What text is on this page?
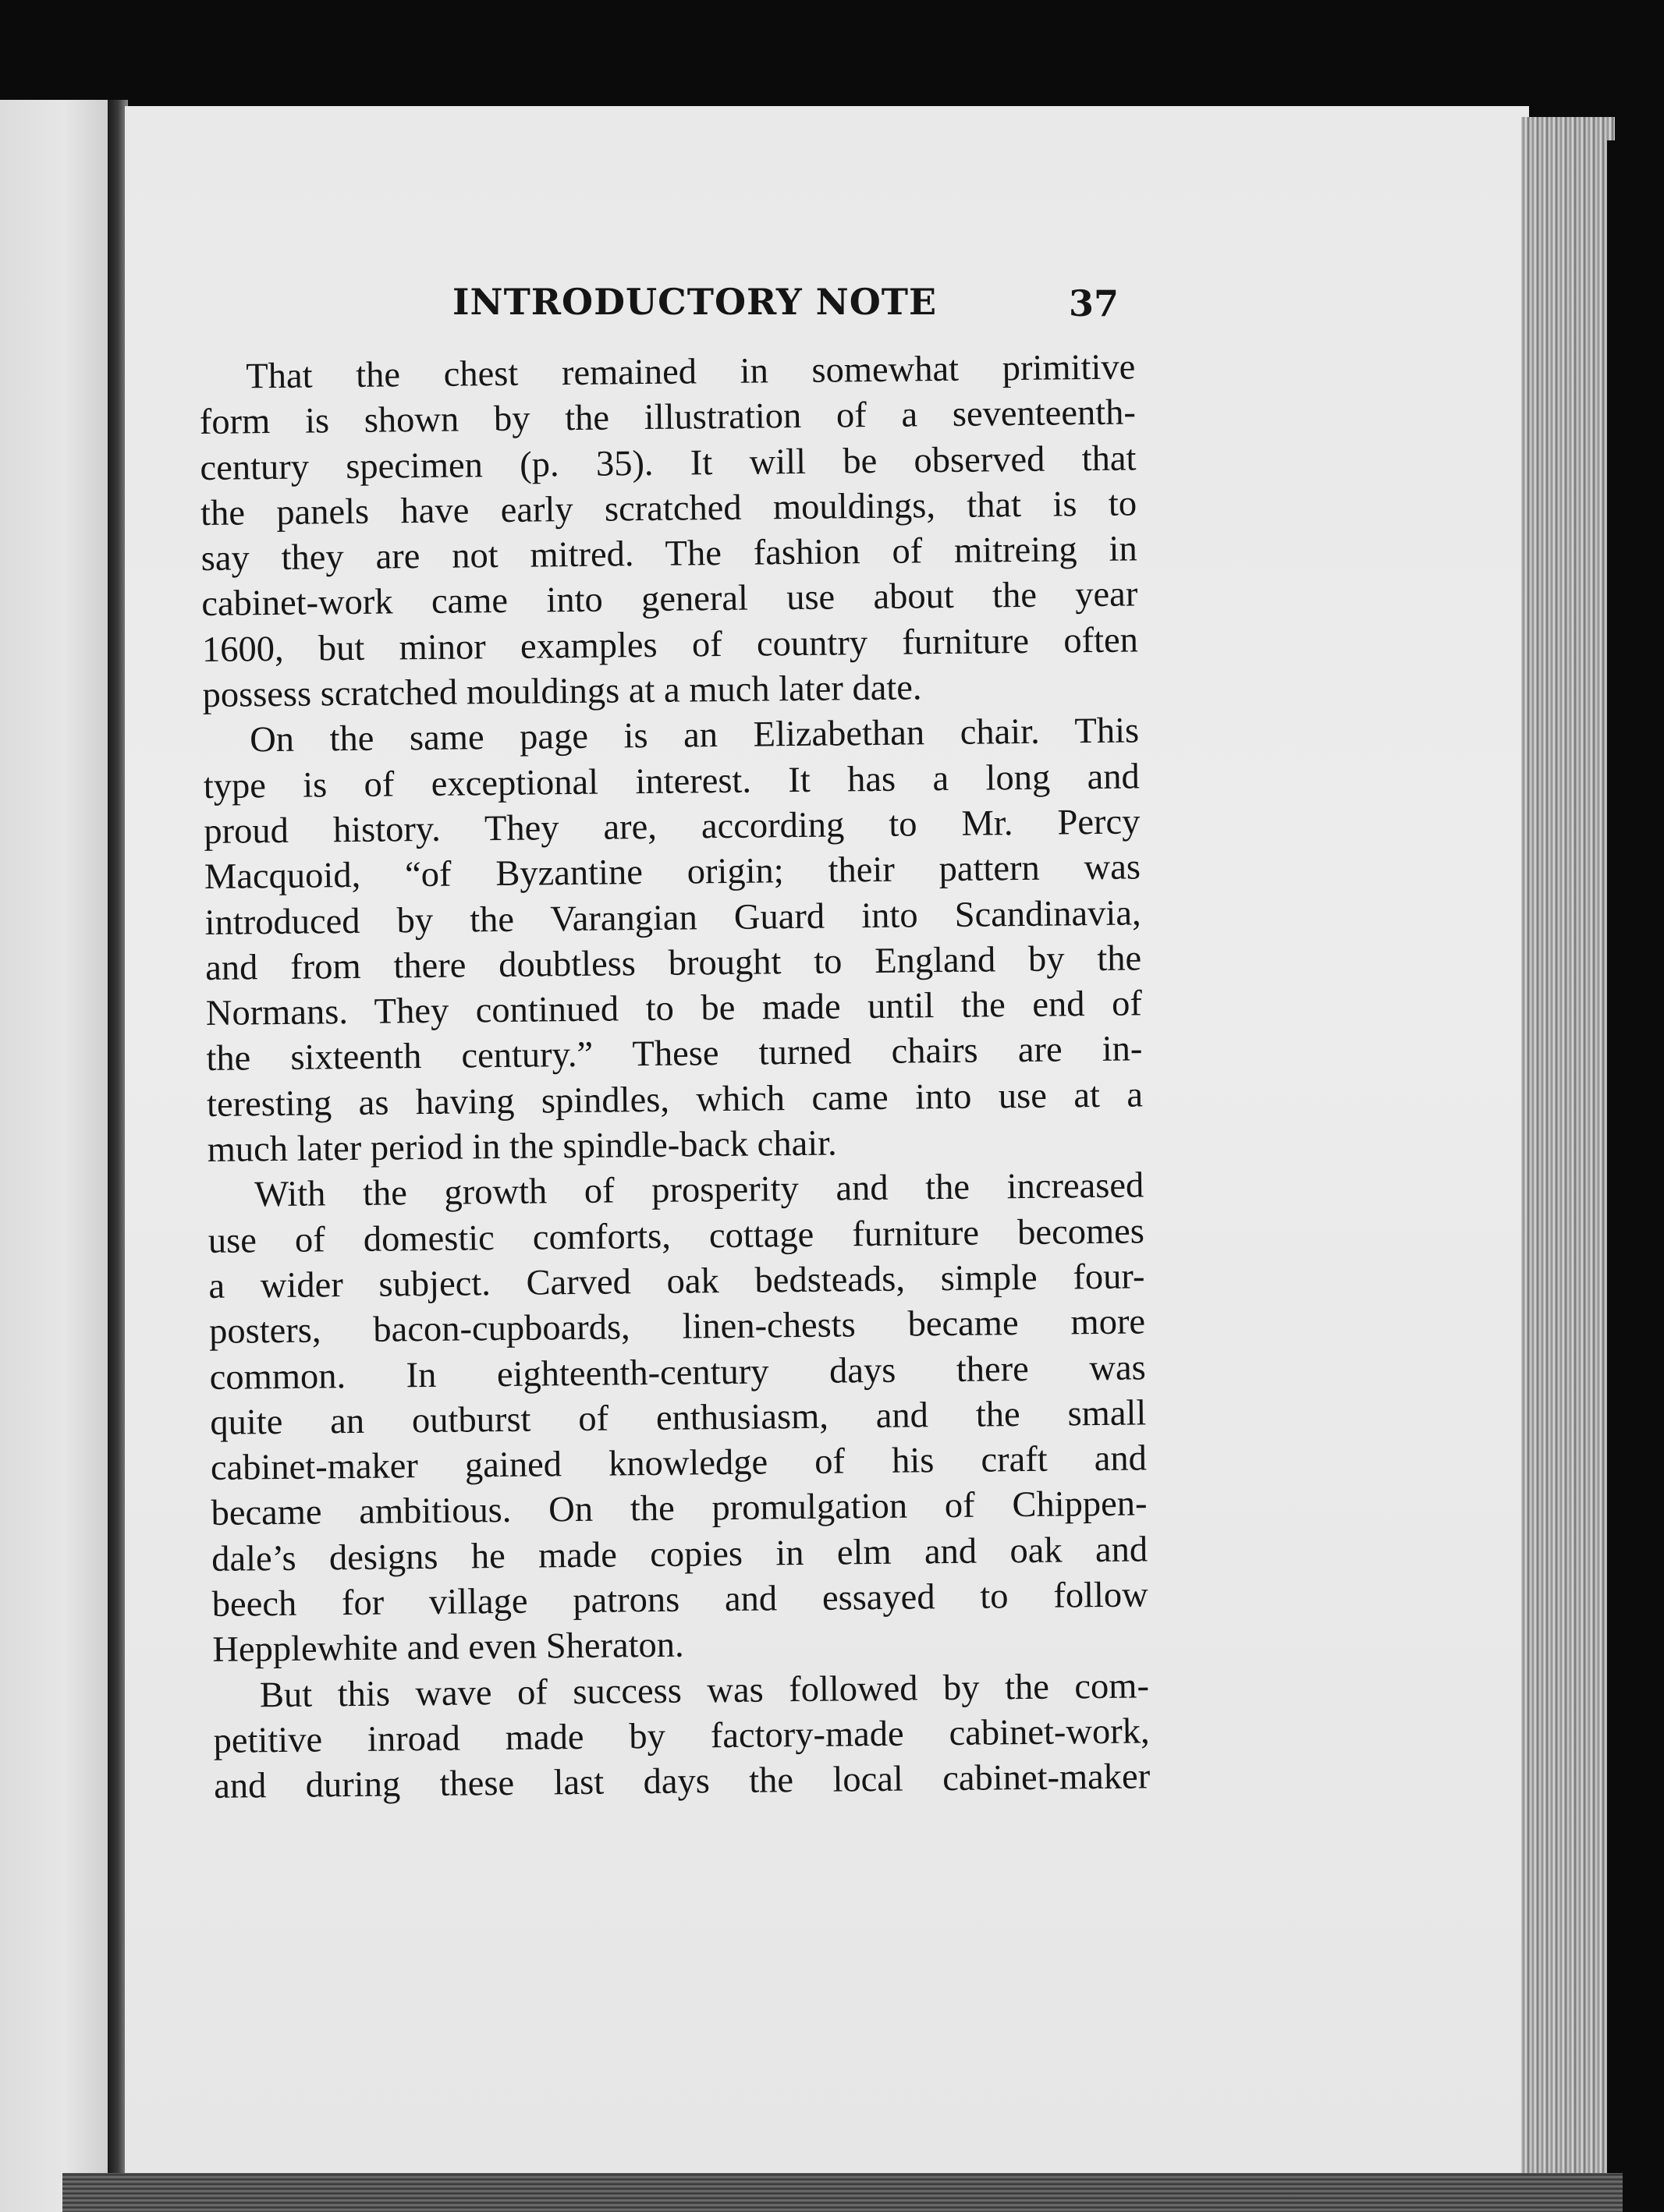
INTRODUCTORY NOTE	37
That the chest remained in somewhat primitive
form is shown by the illustration of a seventeenth-
century specimen (p. 35). It will be observed that
the panels have early scratched mouldings, that is to
say they are not mitred. The fashion of mitreing in
cabinet-work came into general use about the year
1600, but minor examples of country furniture often
possess scratched mouldings at a much later date.
On the same page is an Elizabethan chair. This
type is of exceptional interest. It has a long and
proud history. They are, according to Mr. Percy
Macquoid, “of Byzantine origin; their pattern was
introduced by the Varangian Guard into Scandinavia,
and from there doubtless brought to England by the
Normans. They continued to be made until the end of
the sixteenth century.” These turned chairs are in-
teresting as having spindles, which came into use at a
much later period in the spindle-back chair.
With the growth of prosperity and the increased
use of domestic comforts, cottage furniture becomes
a wider subject. Carved oak bedsteads, simple four-
posters, bacon-cupboards, linen-chests became more
common. In eighteenth-century days there was
quite an outburst of enthusiasm, and the small
cabinet-maker gained knowledge of his craft and
became ambitious. On the promulgation of Chippen-
dale’s designs he made copies in elm and oak and
beech for village patrons and essayed to follow
Hepplewhite and even Sheraton.
But this wave of success was followed by the com-
petitive inroad made by factory-made cabinet-work,
and during these last days the local cabinet-maker
